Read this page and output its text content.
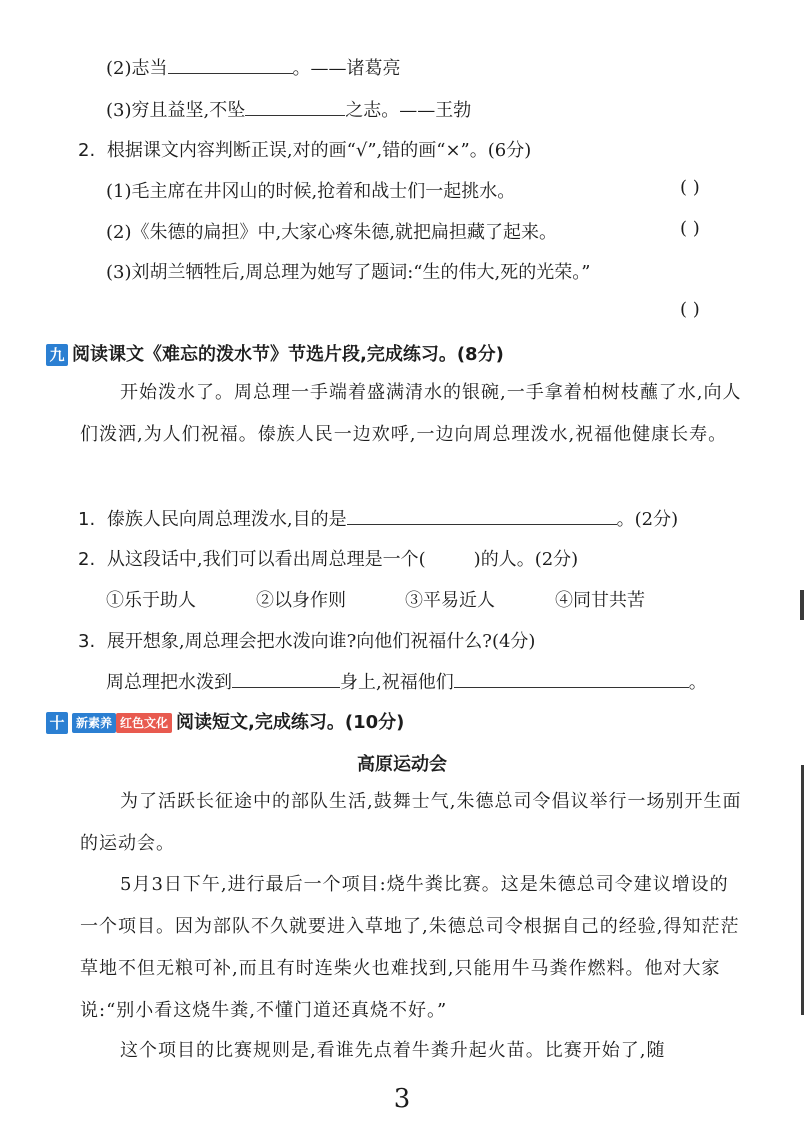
(2)志当	。——诸葛亮
(3)穷且益坚,不坠	之志。——王勃
2. 根据课文内容判断正误,对的画“√”,错的画“×”。(6分)
(1)毛主席在井冈山的时候,抢着和战士们一起挑水。	( )
(2)《朱德的扁担》中,大家心疼朱德,就把扁担藏了起来。	( )
(3)刘胡兰牺牲后,周总理为她写了题词:“生的伟大,死的光荣。”
( )
九 阅读课文《难忘的泼水节》节选片段,完成练习。(8分)
开始泼水了。周总理一手端着盛满清水的银碗,一手拿着柏树枝蘸了水,向人们泼洒,为人们祝福。傣族人民一边欢呼,一边向周总理泼水,祝福他健康长寿。
1. 傣族人民向周总理泼水,目的是	。(2分)
2. 从这段话中,我们可以看出周总理是一个(	)的人。(2分)
①乐于助人	②以身作则	③平易近人	④同甘共苦
3. 展开想象,周总理会把水泼向谁?向他们祝福什么?(4分)
周总理把水泼到	身上,祝福他们	。
十 新素养 红色文化 阅读短文,完成练习。(10分)
高原运动会
为了活跃长征途中的部队生活,鼓舞士气,朱德总司令倡议举行一场别开生面的运动会。
5月3日下午,进行最后一个项目:烧牛粪比赛。这是朱德总司令建议增设的一个项目。因为部队不久就要进入草地了,朱德总司令根据自己的经验,得知茫茫草地不但无粮可补,而且有时连柴火也难找到,只能用牛马粪作燃料。他对大家说:“别小看这烧牛粪,不懂门道还真烧不好。”
这个项目的比赛规则是,看谁先点着牛粪升起火苗。比赛开始了,随
3
